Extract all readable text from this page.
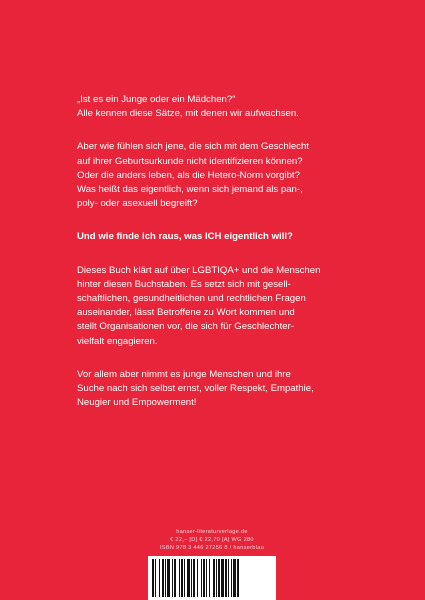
„Ist es ein Junge oder ein Mädchen?“
Alle kennen diese Sätze, mit denen wir aufwachsen.
Aber wie fühlen sich jene, die sich mit dem Geschlecht
auf ihrer Geburtsurkunde nicht identifizieren können?
Oder die anders leben, als die Hetero-Norm vorgibt?
Was heißt das eigentlich, wenn sich jemand als pan-,
poly- oder asexuell begreift?
Und wie finde ich raus, was ICH eigentlich will?
Dieses Buch klärt auf über LGBTIQA+ und die Menschen
hinter diesen Buchstaben. Es setzt sich mit gesell-
schaftlichen, gesundheitlichen und rechtlichen Fragen
auseinander, lässt Betroffene zu Wort kommen und
stellt Organisationen vor, die sich für Geschlechter-
vielfalt engagieren.
Vor allem aber nimmt es junge Menschen und ihre
Suche nach sich selbst ernst, voller Respekt, Empathie,
Neugier und Empowerment!
hanser-literaturverlage.de
€ 22,– [D] € 22,70 [A] WG 280
ISBN 978 3 446 27256 8 / hanserblau
